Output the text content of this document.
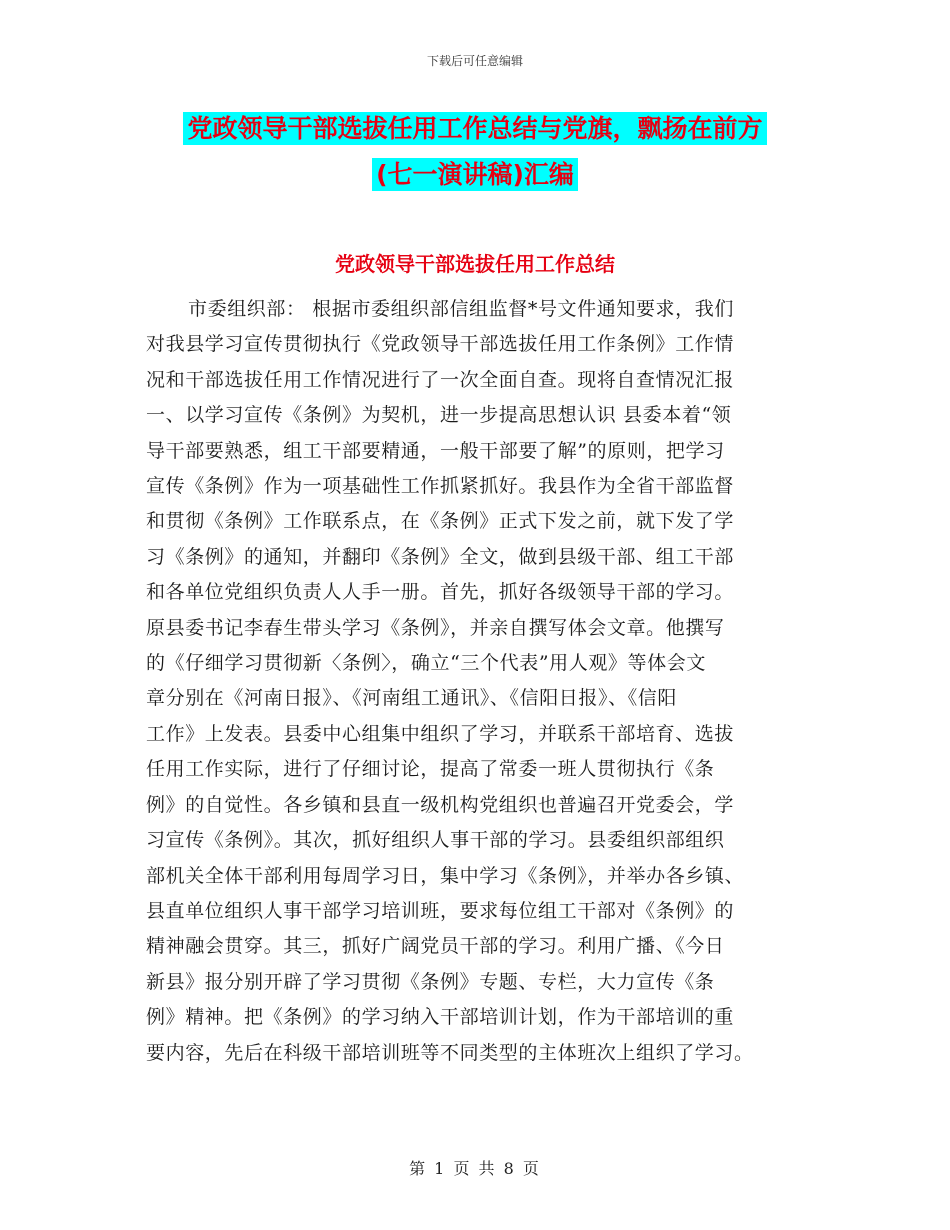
下载后可任意编辑
党政领导干部选拔任用工作总结与党旗，飘扬在前方
(七一演讲稿)汇编
党政领导干部选拔任用工作总结
市委组织部： 根据市委组织部信组监督*号文件通知要求，我们
对我县学习宣传贯彻执行《党政领导干部选拔任用工作条例》工作情
况和干部选拔任用工作情况进行了一次全面自查。现将自查情况汇报
一、以学习宣传《条例》为契机，进一步提高思想认识 县委本着“领
导干部要熟悉，组工干部要精通，一般干部要了解”的原则，把学习
宣传《条例》作为一项基础性工作抓紧抓好。我县作为全省干部监督
和贯彻《条例》工作联系点，在《条例》正式下发之前，就下发了学
习《条例》的通知，并翻印《条例》全文，做到县级干部、组工干部
和各单位党组织负责人人手一册。首先，抓好各级领导干部的学习。
原县委书记李春生带头学习《条例》，并亲自撰写体会文章。他撰写
的《仔细学习贯彻新〈条例〉，确立“三个代表”用人观》等体会文
章分别在《河南日报》、《河南组工通讯》、《信阳日报》、《信阳
工作》上发表。县委中心组集中组织了学习，并联系干部培育、选拔
任用工作实际，进行了仔细讨论，提高了常委一班人贯彻执行《条
例》的自觉性。各乡镇和县直一级机构党组织也普遍召开党委会，学
习宣传《条例》。其次，抓好组织人事干部的学习。县委组织部组织
部机关全体干部利用每周学习日，集中学习《条例》，并举办各乡镇、
县直单位组织人事干部学习培训班，要求每位组工干部对《条例》的
精神融会贯穿。其三，抓好广阔党员干部的学习。利用广播、《今日
新县》报分别开辟了学习贯彻《条例》专题、专栏，大力宣传《条
例》精神。把《条例》的学习纳入干部培训计划，作为干部培训的重
要内容，先后在科级干部培训班等不同类型的主体班次上组织了学习。
第 1 页 共 8 页
